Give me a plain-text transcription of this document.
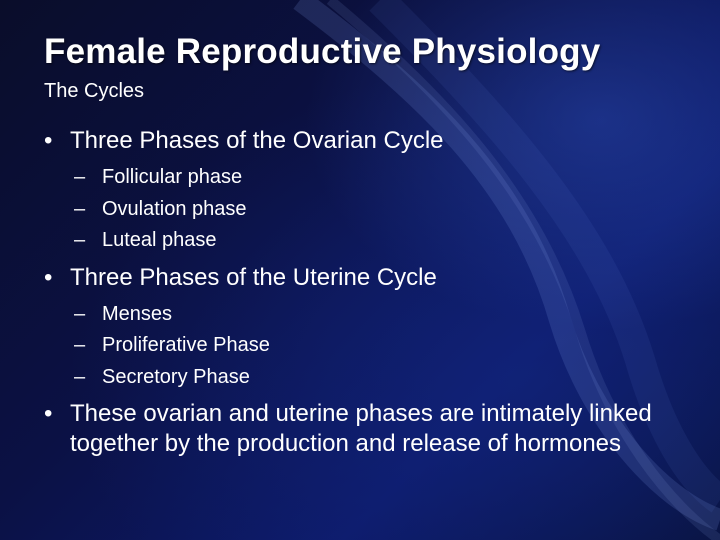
Female Reproductive Physiology
The Cycles
• Three Phases of the Ovarian Cycle
– Follicular phase
– Ovulation phase
– Luteal phase
• Three Phases of the Uterine Cycle
– Menses
– Proliferative Phase
– Secretory Phase
• These ovarian and uterine phases are intimately linked together by the production and release of hormones
